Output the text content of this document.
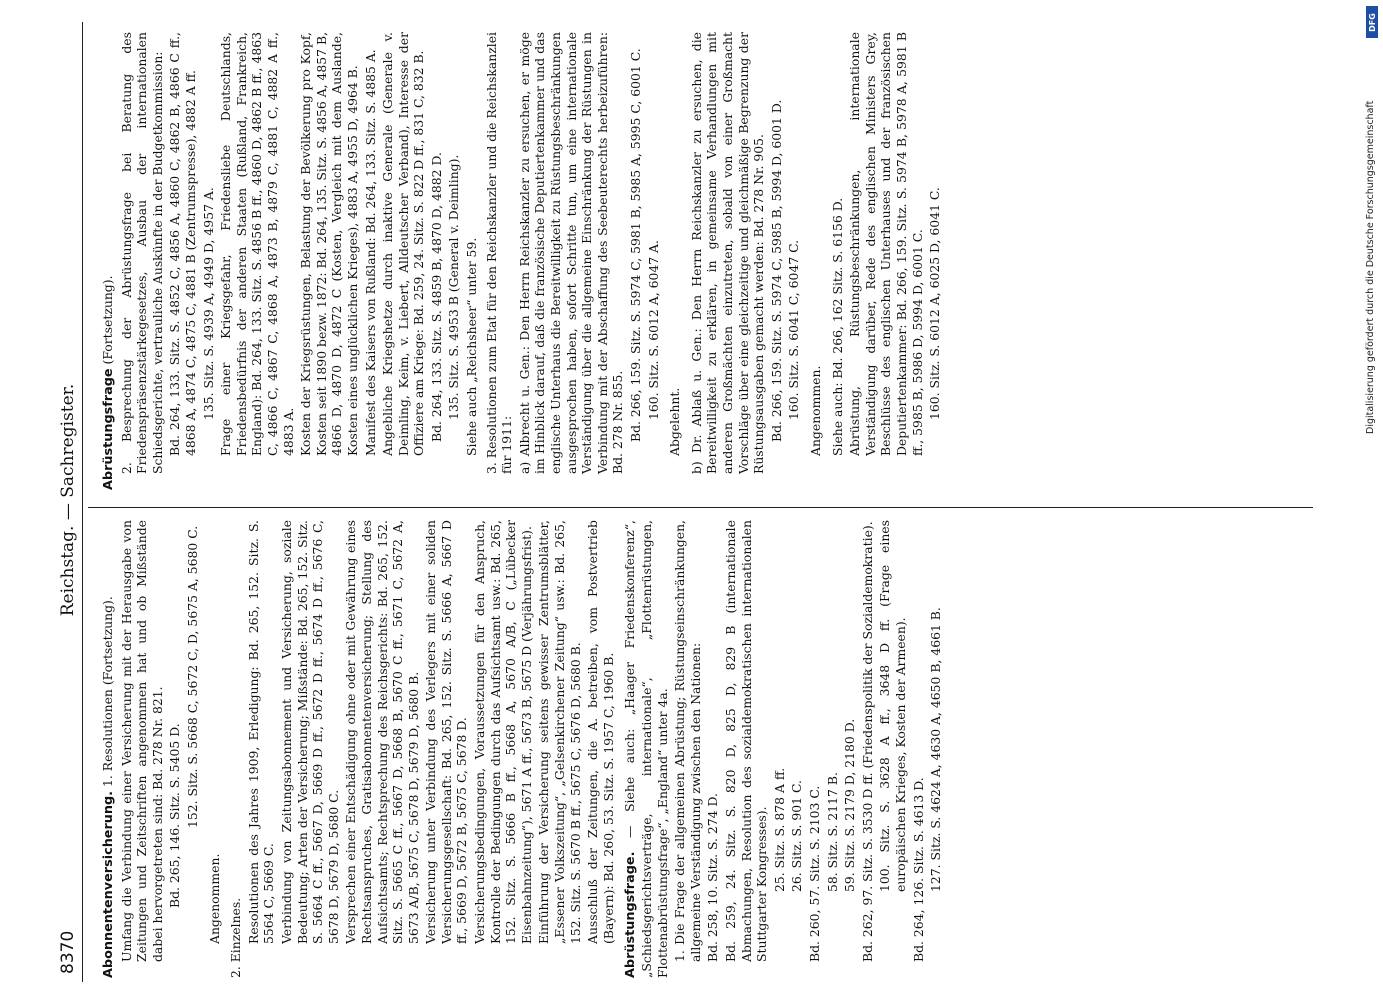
8370
Reichstag. — Sachregister.

Abonnentenversicherung. 1. Resolutionen (Fortsetzung). Umfang die Verbindung einer Versicherung mit der Herausgabe von Zeitungen und Zeitschriften angenommen hat und ob Mißstände dabei hervorgetreten sind: Bd. 278 Nr. 821. Bd. 265, 146. Sitz. S. 5405 D. 152. Sitz. S. 5668 C, 5672 C, D, 5675 A, 5680 C.

Angenommen. 2. Einzelnes. Resolutionen des Jahres 1909, Erledigung: Bd. 265, 152. Sitz. S. 5564 C, 5669 C. Verbindung von Zeitungsabonnement und Versicherung, soziale Bedeutung; Arten der Versicherung; Mißstände: Bd. 265, 152. Sitz. S. 5664 C ff., 5667 D, 5669 D ff., 5672 D ff., 5674 D ff., 5676 C, 5678 D, 5679 D, 5680 C. Versprechen einer Entschädigung ohne oder mit Gewährung eines Rechtsanspruches, Gratisabonnentenversicherung; Stellung des Aufsichtsamts; Rechtsprechung des Reichsgerichts: Bd. 265, 152. Sitz. S. 5665 C ff., 5667 D, 5668 B, 5670 C ff., 5671 C, 5672 A, 5673 A/B, 5675 C, 5678 D, 5679 D, 5680 B. Versicherung unter Verbindung des Verlegers mit einer soliden Versicherungsgesellschaft: Bd. 265, 152. Sitz. S. 5666 A, 5667 D ff., 5669 D, 5672 B, 5675 C, 5678 D. Versicherungsbedingungen, Voraussetzungen für den Anspruch, Kontrolle der Bedingungen durch das Aufsichtsamt usw.: Bd. 265, 152. Sitz. S. 5666 B ff., 5668 A, 5670 A/B, C („Lübecker Eisenbahnzeitung“), 5671 A ff., 5673 B, 5675 D (Verjährungsfrist). Einführung der Versicherung seitens gewisser Zentrumsblätter, „Essener Volkszeitung“, „Gelsenkirchener Zeitung“ usw.: Bd. 265, 152. Sitz. S. 5670 B ff., 5675 C, 5676 D, 5680 B. Ausschluß der Zeitungen, die A. betreiben, vom Postvertrieb (Bayern): Bd. 260, 53. Sitz. S. 1957 C, 1960 B. Abrüstungsfrage. — Siehe auch: „Haager Friedenskonferenz“, „Schiedsgerichtsverträge, internationale“, „Flottenrüstungen, Flottenabrüstungsfrage“, „England“ unter 4a. 1. Die Frage der allgemeinen Abrüstung; Rüstungseinschränkungen, allgemeine Verständigung zwischen den Nationen: Bd. 258, 10. Sitz. S. 274 D.

Bd. 259, 24. Sitz. S. 820 D, 825 D, 829 B (internationale Abmachungen, Resolution des sozialdemokratischen internationalen Stuttgarter Kongresses). 25. Sitz. S. 878 A ff. 26. Sitz. S. 901 C.

Bd. 260, 57. Sitz. S. 2103 C. 58. Sitz. S. 2117 B. 59. Sitz. S. 2179 D, 2180 D.

Bd. 262, 97. Sitz. S. 3530 D ff. (Friedenspolitik der Sozialdemokratie). 100. Sitz. S. 3628 A ff., 3648 D ff. (Frage eines europäischen Krieges, Kosten der Armeen).

Bd. 264, 126. Sitz. S. 4613 D. 127. Sitz. S. 4624 A, 4630 A, 4650 B, 4661 B.

Abrüstungsfrage (Fortsetzung). 2. Besprechung der Abrüstungsfrage bei Beratung des Friedenspräsenzstärkegesetzes, Ausbau der internationalen Schiedsgerichte, vertrauliche Auskünfte in der Budgetkommission: Bd. 264, 133. Sitz. S. 4852 C, 4856 A, 4860 C, 4862 B, 4866 C ff., 4868 A, 4874 C, 4875 C, 4881 B (Zentrumspresse), 4882 A ff. 135. Sitz. S. 4939 A, 4949 D, 4957 A. Frage einer Kriegsgefahr, Friedensliebe Deutschlands, Friedensbedürfnis der anderen Staaten (Rußland, Frankreich, England): Bd. 264, 133. Sitz. S. 4856 B ff., 4860 D, 4862 B ff., 4863 C, 4866 C, 4867 C, 4868 A, 4873 B, 4879 C, 4881 C, 4882 A ff., 4883 A. Kosten der Kriegsrüstungen, Belastung der Bevölkerung pro Kopf, Kosten seit 1890 bezw. 1872: Bd. 264, 135. Sitz. S. 4856 A, 4857 B, 4866 D, 4870 D, 4872 C (Kosten, Vergleich mit dem Auslande, Kosten eines unglücklichen Krieges), 4883 A, 4955 D, 4964 B. Manifest des Kaisers von Rußland: Bd. 264, 133. Sitz. S. 4885 A. Angebliche Kriegshetze durch inaktive Generale (Generale v. Deimling, Keim, v. Liebert, Alldeutscher Verband), Interesse der Offiziere am Kriege: Bd. 259, 24. Sitz. S. 822 D ff., 831 C, 832 B. Bd. 264, 133. Sitz. S. 4859 B, 4870 D, 4882 D. 135. Sitz. S. 4953 B (General v. Deimling). Siehe auch „Reichsheer“ unter 59. 3. Resolutionen zum Etat für den Reichskanzler und die Reichskanzlei für 1911: a) Albrecht u. Gen.: Den Herrn Reichskanzler zu ersuchen, er möge im Hinblick darauf, daß die französische Deputiertenkammer und das englische Unterhaus die Bereitwilligkeit zu Rüstungsbeschränkungen ausgesprochen haben, sofort Schritte tun, um eine internationale Verständigung über die allgemeine Einschränkung der Rüstungen in Verbindung mit der Abschaffung des Seebeuterechts herbeizuführen: Bd. 278 Nr. 855. Bd. 266, 159. Sitz. S. 5974 C, 5981 B, 5985 A, 5995 C, 6001 C. 160. Sitz. S. 6012 A, 6047 A.

Abgelehnt. b) Dr. Ablaß u. Gen.: Den Herrn Reichskanzler zu ersuchen, die Bereitwilligkeit zu erklären, in gemeinsame Verhandlungen mit anderen Großmächten einzutreten, sobald von einer Großmacht Vorschläge über eine gleichzeitige und gleichmäßige Begrenzung der Rüstungsausgaben gemacht werden: Bd. 278 Nr. 905. Bd. 266, 159. Sitz. S. 5974 C, 5985 B, 5994 D, 6001 D. 160. Sitz. S. 6041 C, 6047 C. Angenommen. Siehe auch: Bd. 266, 162 Sitz. S. 6156 D. Abrüstung, Rüstungsbeschränkungen, internationale Verständigung darüber, Rede des englischen Ministers Grey, Beschlüsse des englischen Unterhauses und der französischen Deputiertenkammer: Bd. 266, 159. Sitz. S. 5974 B, 5978 A, 5981 B ff., 5985 B, 5986 D, 5994 D, 6001 C. 160. Sitz. S. 6012 A, 6025 D, 6041 C.

DFG
Digitalisierung gefördert durch die Deutsche Forschungsgemeinschaft
